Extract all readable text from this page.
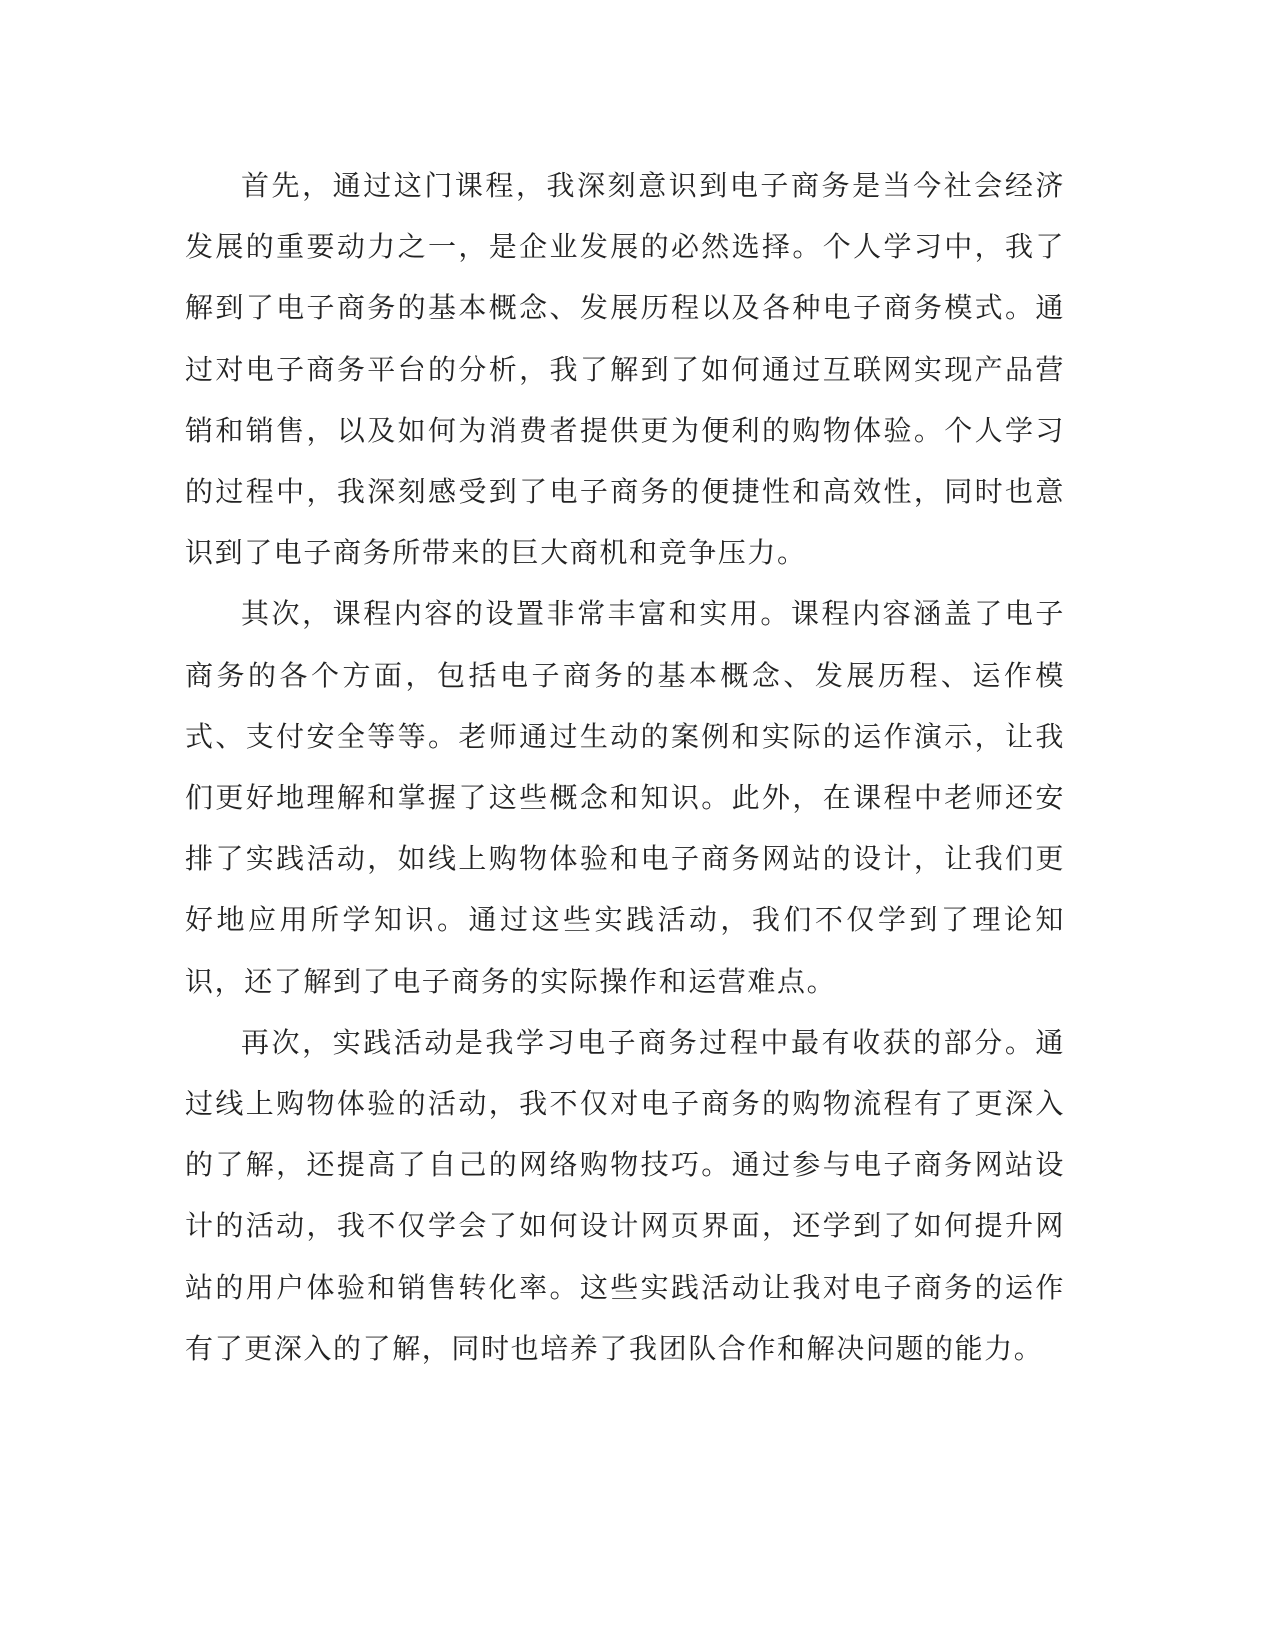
首先，通过这门课程，我深刻意识到电子商务是当今社会经济发展的重要动力之一，是企业发展的必然选择。个人学习中，我了解到了电子商务的基本概念、发展历程以及各种电子商务模式。通过对电子商务平台的分析，我了解到了如何通过互联网实现产品营销和销售，以及如何为消费者提供更为便利的购物体验。个人学习的过程中，我深刻感受到了电子商务的便捷性和高效性，同时也意识到了电子商务所带来的巨大商机和竞争压力。

其次，课程内容的设置非常丰富和实用。课程内容涵盖了电子商务的各个方面，包括电子商务的基本概念、发展历程、运作模式、支付安全等等。老师通过生动的案例和实际的运作演示，让我们更好地理解和掌握了这些概念和知识。此外，在课程中老师还安排了实践活动，如线上购物体验和电子商务网站的设计，让我们更好地应用所学知识。通过这些实践活动，我们不仅学到了理论知识，还了解到了电子商务的实际操作和运营难点。

再次，实践活动是我学习电子商务过程中最有收获的部分。通过线上购物体验的活动，我不仅对电子商务的购物流程有了更深入的了解，还提高了自己的网络购物技巧。通过参与电子商务网站设计的活动，我不仅学会了如何设计网页界面，还学到了如何提升网站的用户体验和销售转化率。这些实践活动让我对电子商务的运作有了更深入的了解，同时也培养了我团队合作和解决问题的能力。
